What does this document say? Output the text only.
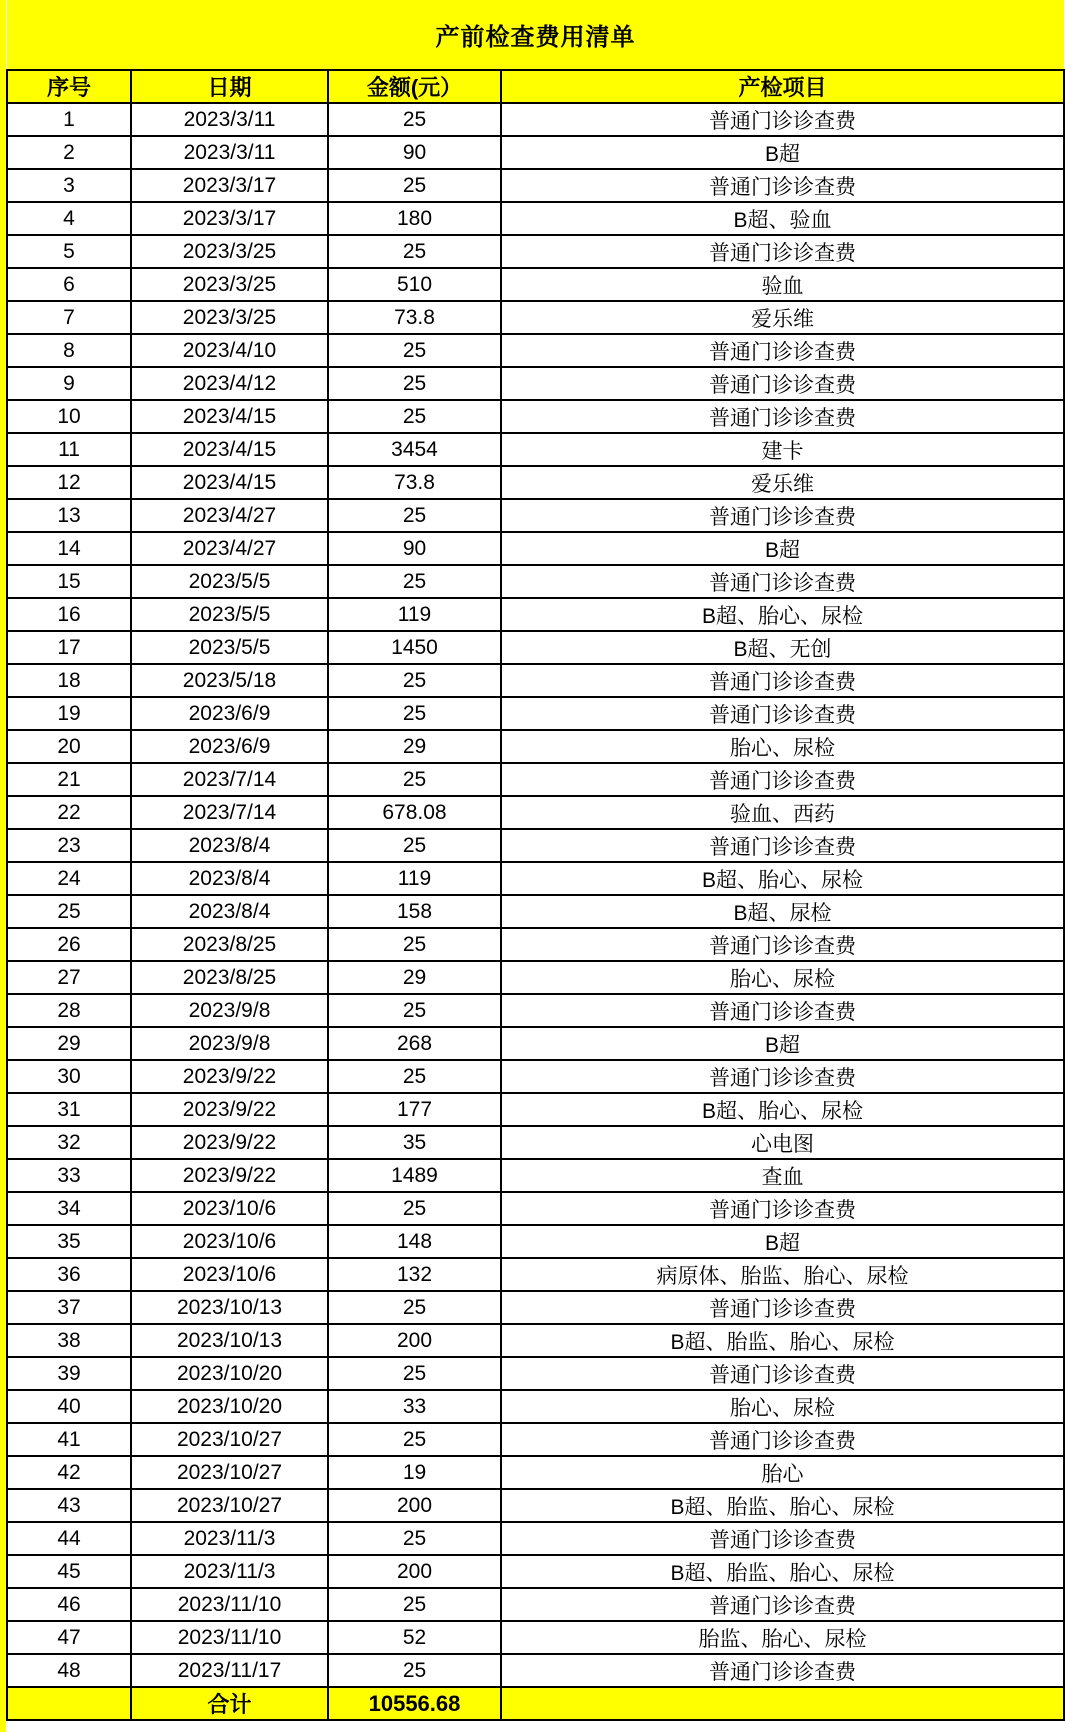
产前检查费用清单			
序号	日期	金额(元）	产检项目
1	2023/3/11	25	普通门诊诊查费
2	2023/3/11	90	B超
3	2023/3/17	25	普通门诊诊查费
4	2023/3/17	180	B超、验血
5	2023/3/25	25	普通门诊诊查费
6	2023/3/25	510	验血
7	2023/3/25	73.8	爱乐维
8	2023/4/10	25	普通门诊诊查费
9	2023/4/12	25	普通门诊诊查费
10	2023/4/15	25	普通门诊诊查费
11	2023/4/15	3454	建卡
12	2023/4/15	73.8	爱乐维
13	2023/4/27	25	普通门诊诊查费
14	2023/4/27	90	B超
15	2023/5/5	25	普通门诊诊查费
16	2023/5/5	119	B超、胎心、尿检
17	2023/5/5	1450	B超、无创
18	2023/5/18	25	普通门诊诊查费
19	2023/6/9	25	普通门诊诊查费
20	2023/6/9	29	胎心、尿检
21	2023/7/14	25	普通门诊诊查费
22	2023/7/14	678.08	验血、西药
23	2023/8/4	25	普通门诊诊查费
24	2023/8/4	119	B超、胎心、尿检
25	2023/8/4	158	B超、尿检
26	2023/8/25	25	普通门诊诊查费
27	2023/8/25	29	胎心、尿检
28	2023/9/8	25	普通门诊诊查费
29	2023/9/8	268	B超
30	2023/9/22	25	普通门诊诊查费
31	2023/9/22	177	B超、胎心、尿检
32	2023/9/22	35	心电图
33	2023/9/22	1489	查血
34	2023/10/6	25	普通门诊诊查费
35	2023/10/6	148	B超
36	2023/10/6	132	病原体、胎监、胎心、尿检
37	2023/10/13	25	普通门诊诊查费
38	2023/10/13	200	B超、胎监、胎心、尿检
39	2023/10/20	25	普通门诊诊查费
40	2023/10/20	33	胎心、尿检
41	2023/10/27	25	普通门诊诊查费
42	2023/10/27	19	胎心
43	2023/10/27	200	B超、胎监、胎心、尿检
44	2023/11/3	25	普通门诊诊查费
45	2023/11/3	200	B超、胎监、胎心、尿检
46	2023/11/10	25	普通门诊诊查费
47	2023/11/10	52	胎监、胎心、尿检
48	2023/11/17	25	普通门诊诊查费
	合计	10556.68	
